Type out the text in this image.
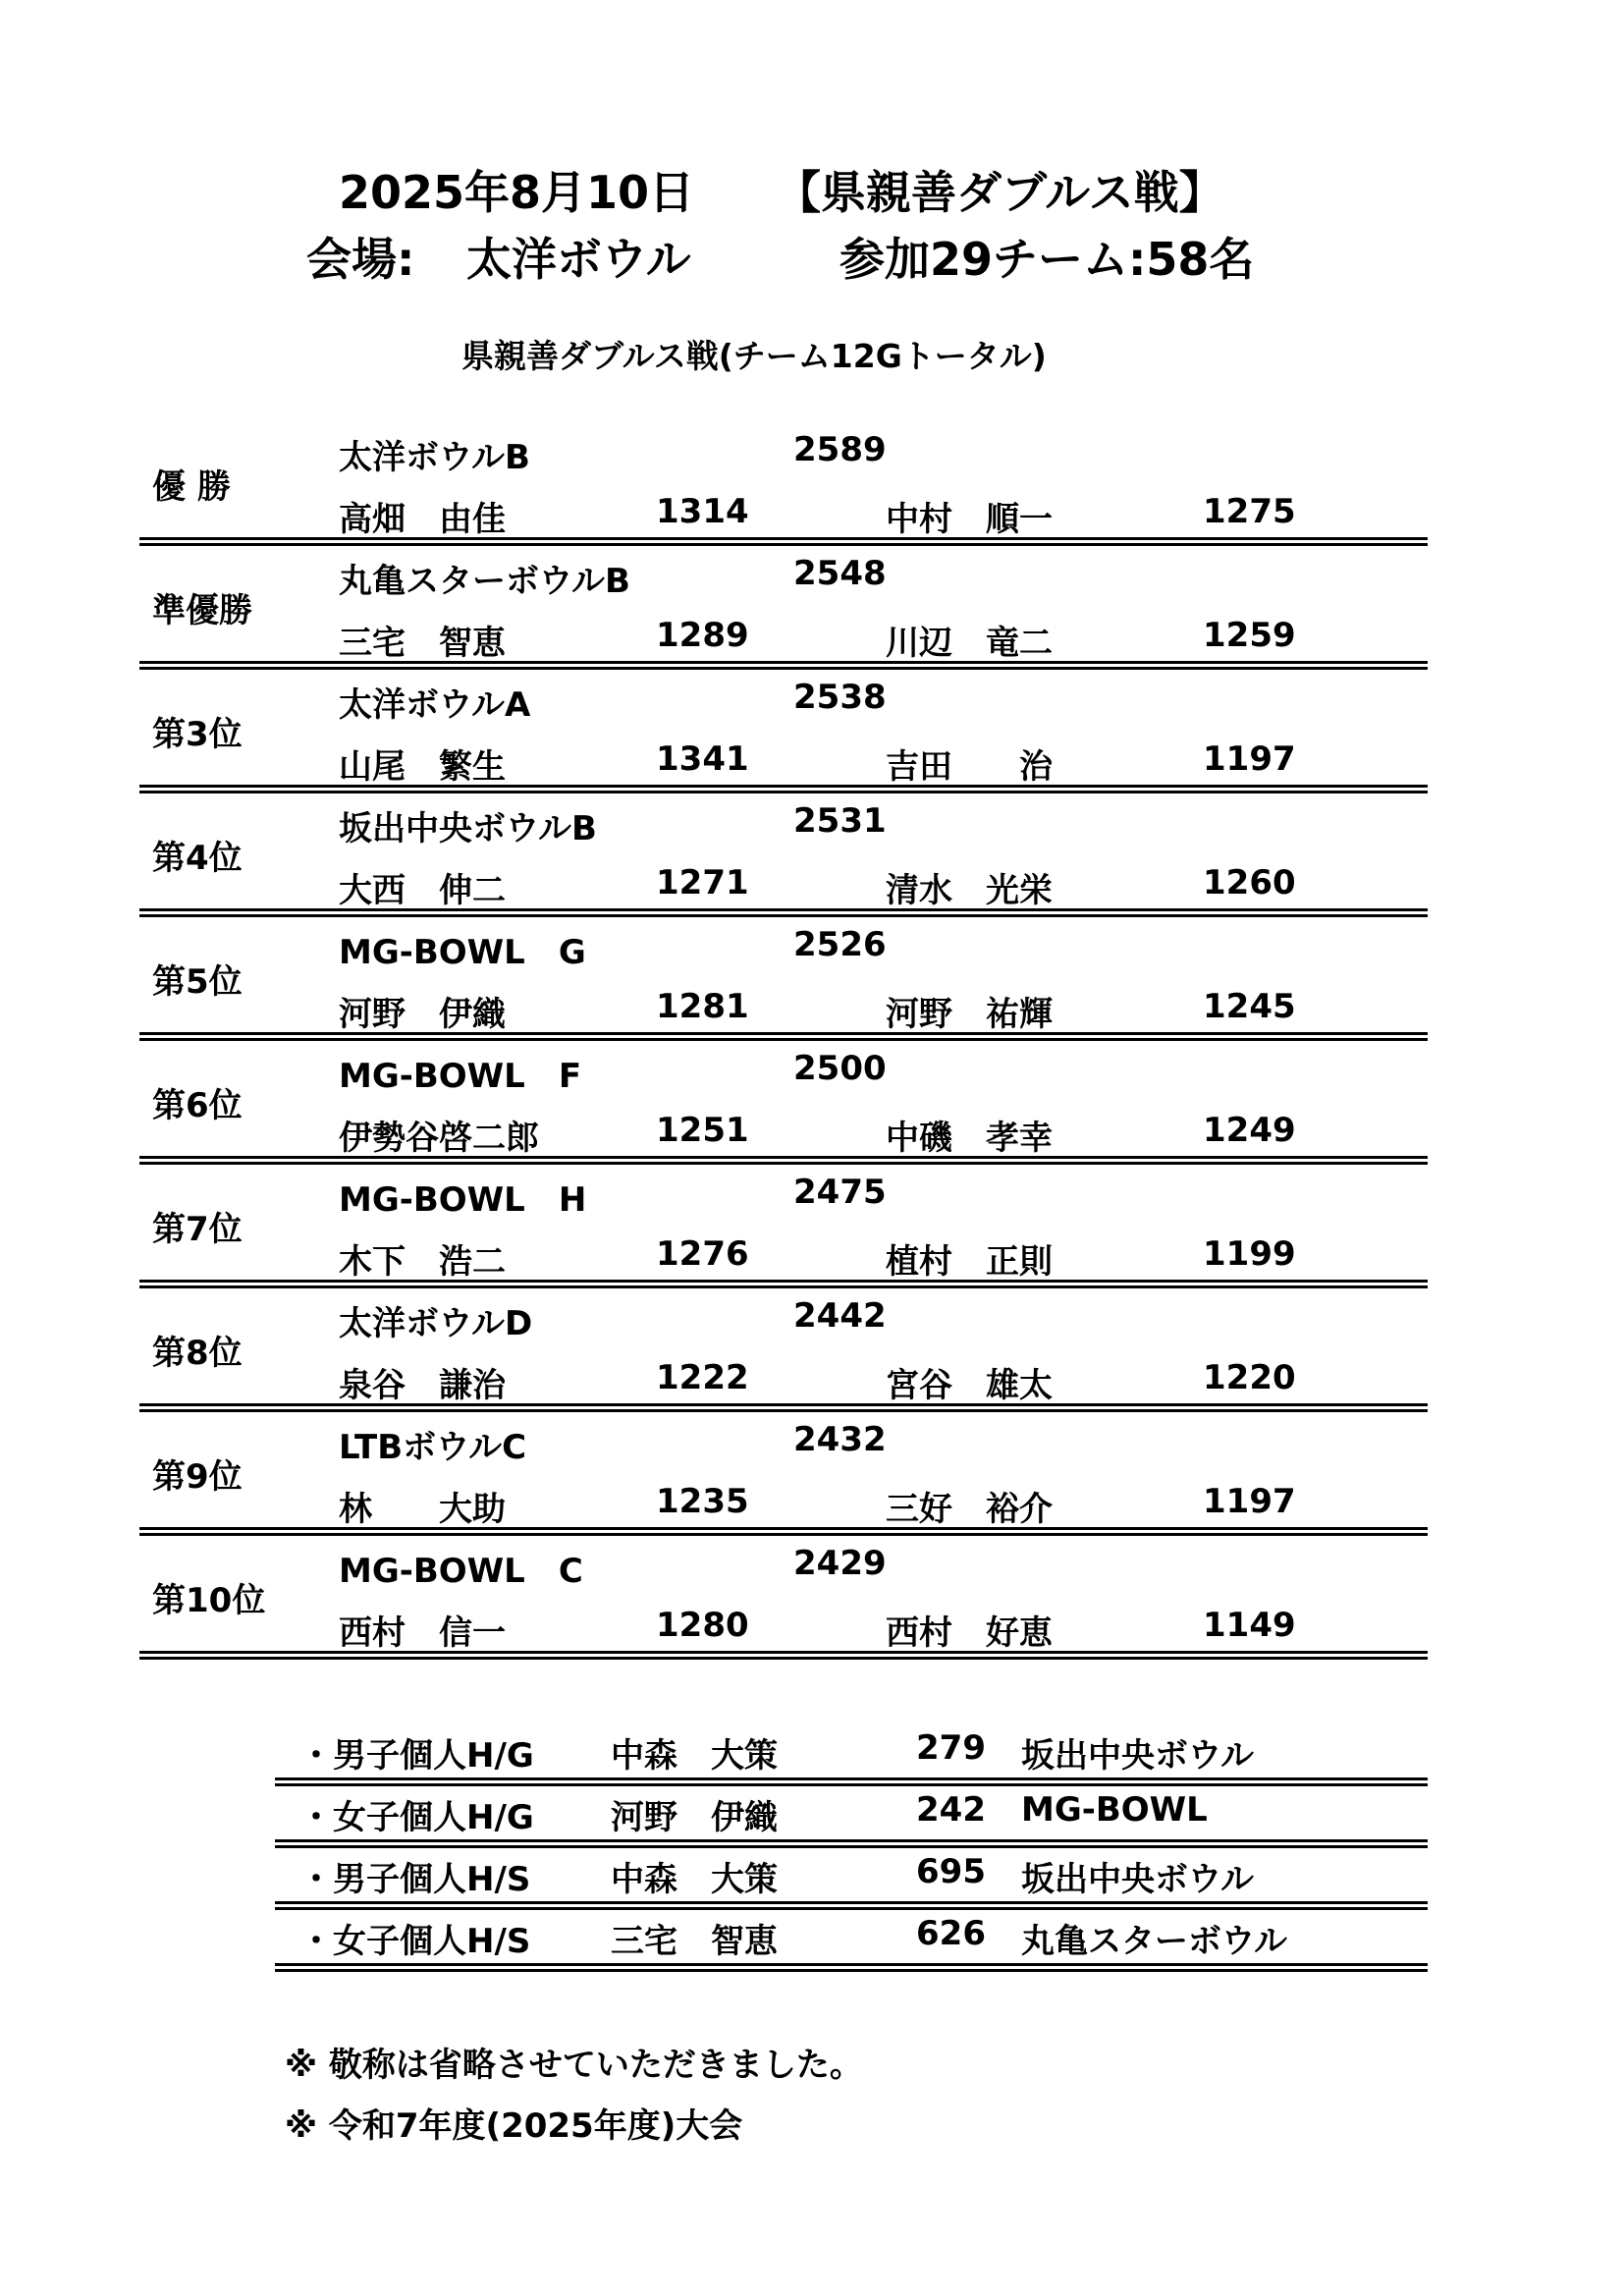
2025年8月10日 【県親善ダブルス戦】
会場: 太洋ボウル	参加29チーム:58名
県親善ダブルス戦(チーム12Gトータル)
優 勝
太洋ボウルB	2589
高畑　由佳	1314	中村　順一	1275
準優勝
丸亀スターボウルB	2548
三宅　智恵	1289	川辺　竜二	1259
第3位
太洋ボウルA	2538
山尾　繁生	1341	吉田　　治	1197
第4位
坂出中央ボウルB	2531
大西　伸二	1271	清水　光栄	1260
第5位
MG-BOWL　G	2526
河野　伊織	1281	河野　祐輝	1245
第6位
MG-BOWL　F	2500
伊勢谷啓二郎	1251	中磯　孝幸	1249
第7位
MG-BOWL　H	2475
木下　浩二	1276	植村　正則	1199
第8位
太洋ボウルD	2442
泉谷　謙治	1222	宮谷　雄太	1220
第9位
LTBボウルC	2432
林　　大助	1235	三好　裕介	1197
第10位
MG-BOWL　C	2429
西村　信一	1280	西村　好恵	1149
・男子個人H/G 中森　大策	279 坂出中央ボウル
・女子個人H/G 河野　伊織	242 MG-BOWL
・男子個人H/S 中森　大策	695 坂出中央ボウル
・女子個人H/S 三宅　智恵	626 丸亀スターボウル
※ 敬称は省略させていただきました。
※ 令和7年度(2025年度)大会
